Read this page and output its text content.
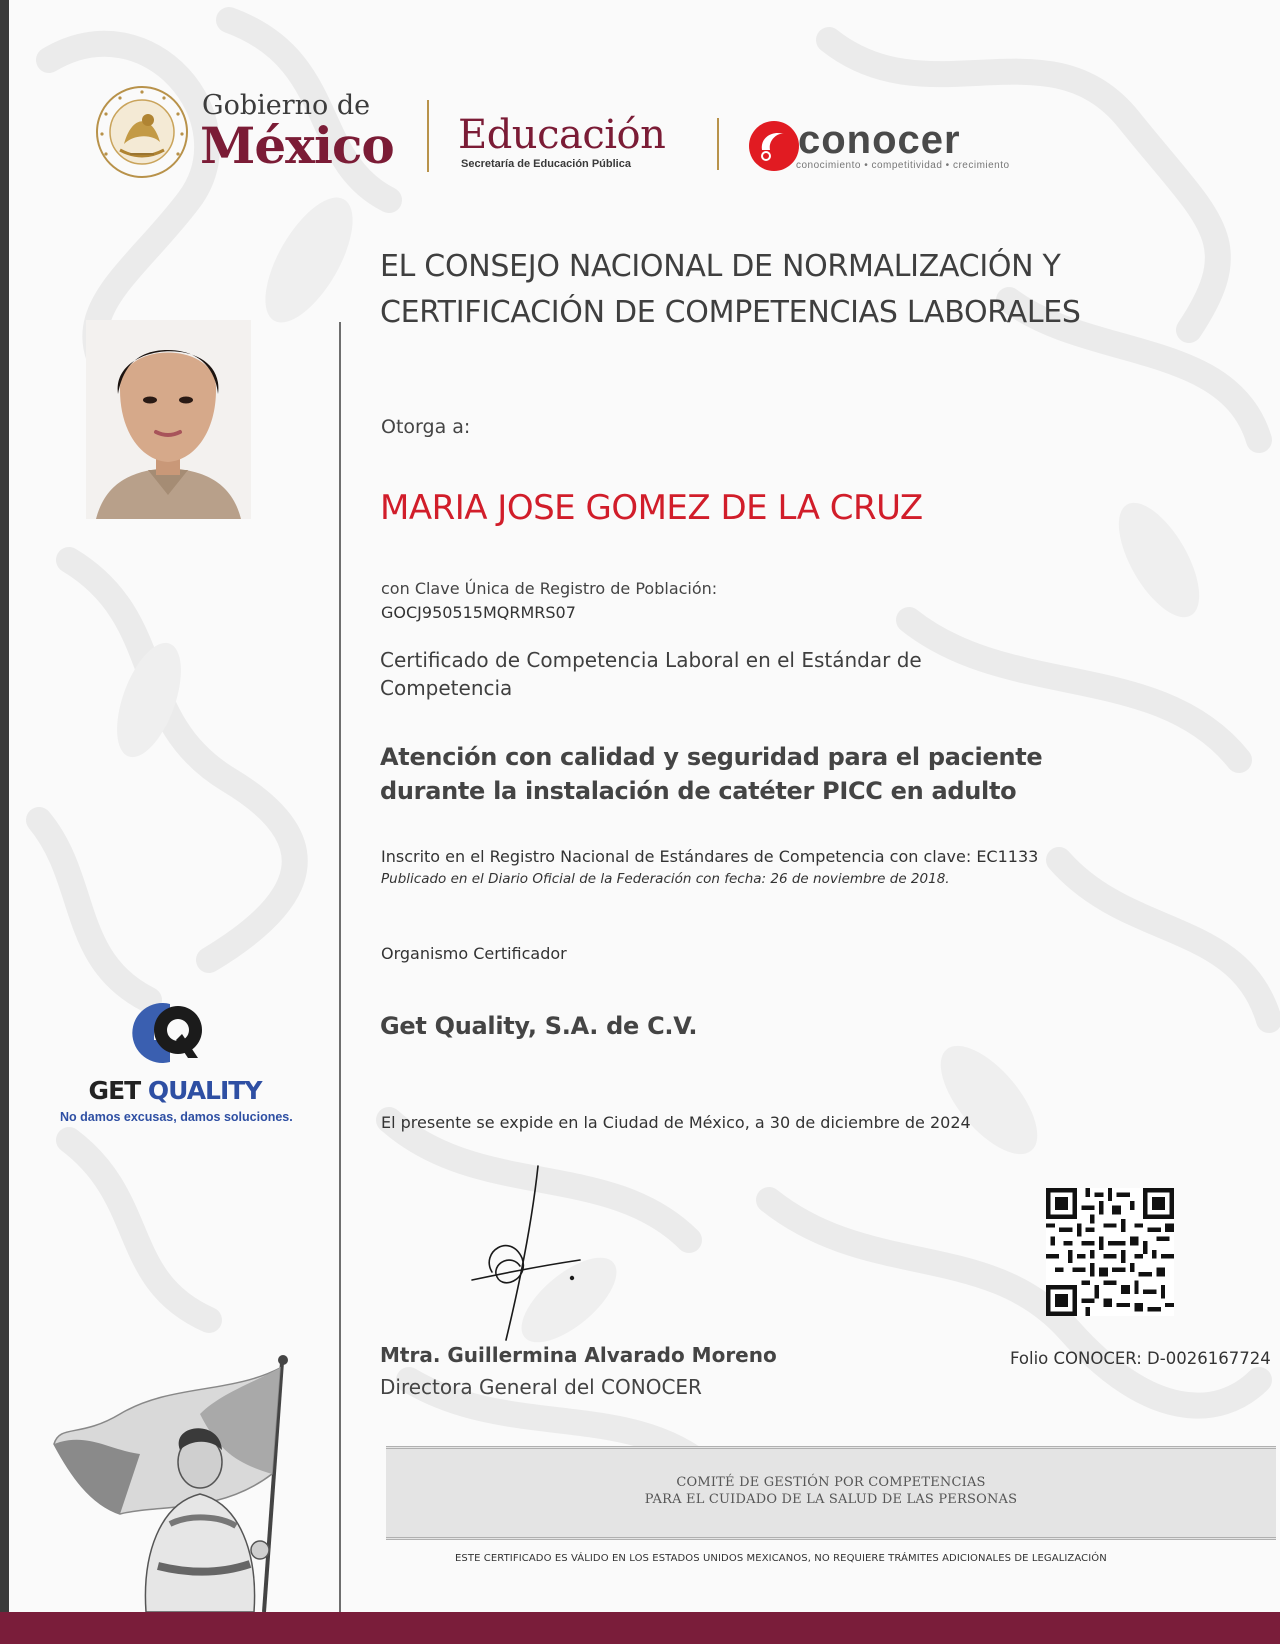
Gobierno de
México Educación
Secretaría de Educación Pública
conocer
conocimiento • competitividad • crecimiento
GET QUALITY
No damos excusas, damos soluciones.
EL CONSEJO NACIONAL DE NORMALIZACIÓN Y
CERTIFICACIÓN DE COMPETENCIAS LABORALES
Otorga a:
MARIA JOSE GOMEZ DE LA CRUZ
con Clave Única de Registro de Población:
GOCJ950515MQRMRS07
Certificado de Competencia Laboral en el Estándar de Competencia
Atención con calidad y seguridad para el paciente durante la instalación de catéter PICC en adulto
Inscrito en el Registro Nacional de Estándares de Competencia con clave: EC1133
Publicado en el Diario Oficial de la Federación con fecha: 26 de noviembre de 2018.
Organismo Certificador
Get Quality, S.A. de C.V.
El presente se expide en la Ciudad de México, a 30 de diciembre de 2024
Mtra. Guillermina Alvarado Moreno
Directora General del CONOCER
Folio CONOCER: D-0026167724
COMITÉ DE GESTIÓN POR COMPETENCIAS
PARA EL CUIDADO DE LA SALUD DE LAS PERSONAS
ESTE CERTIFICADO ES VÁLIDO EN LOS ESTADOS UNIDOS MEXICANOS, NO REQUIERE TRÁMITES ADICIONALES DE LEGALIZACIÓN
